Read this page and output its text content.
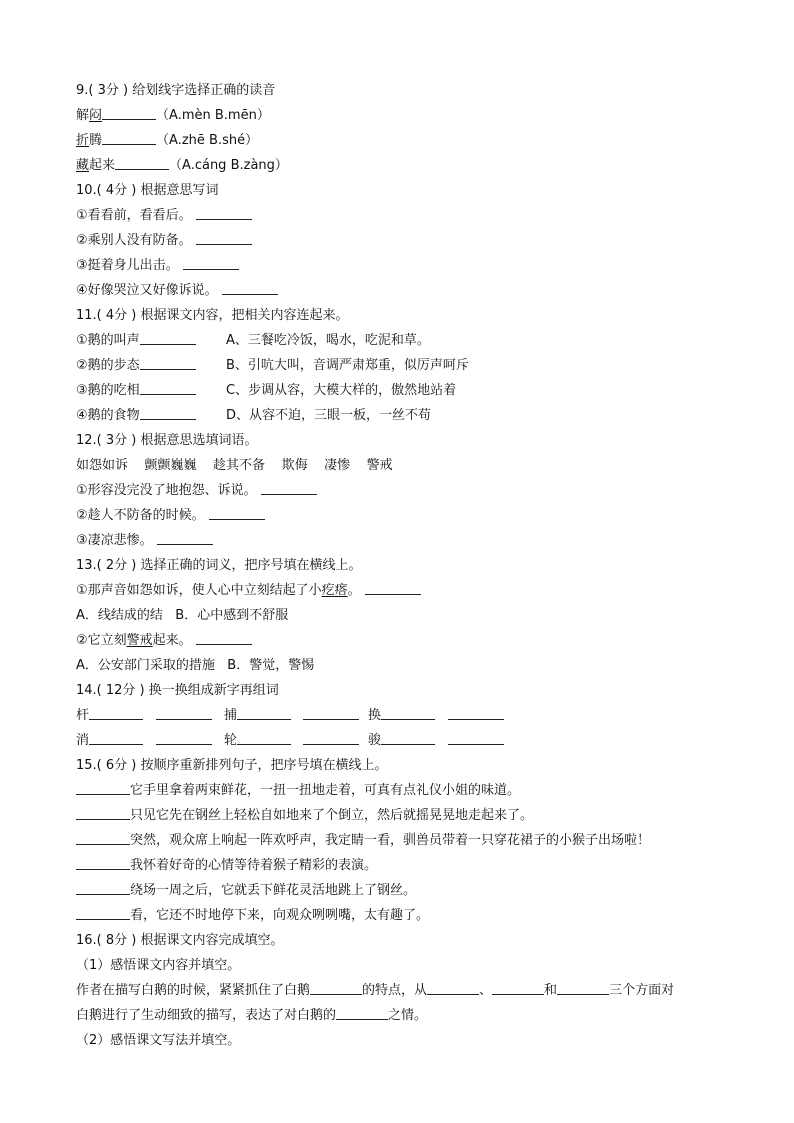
9.( 3分 ) 给划线字选择正确的读音
解闷	（A.mèn B.mēn）
折腾	（A.zhē B.shé）
藏起来	（A.cáng B.zàng）
10.( 4分 ) 根据意思写词
①看看前，看看后。
②乘别人没有防备。
③挺着身儿出击。
④好像哭泣又好像诉说。
11.( 4分 ) 根据课文内容，把相关内容连起来。
①鹅的叫声	A、三餐吃冷饭，喝水，吃泥和草。
②鹅的步态	B、引吭大叫，音调严肃郑重，似厉声呵斥
③鹅的吃相	C、步调从容，大模大样的，傲然地站着
④鹅的食物	D、从容不迫，三眼一板，一丝不苟
12.( 3分 ) 根据意思选填词语。
如怨如诉    颤颤巍巍    趁其不备    欺侮    凄惨    警戒
①形容没完没了地抱怨、诉说。
②趁人不防备的时候。
③凄凉悲惨。
13.( 2分 ) 选择正确的词义，把序号填在横线上。
①那声音如怨如诉，使人心中立刻结起了小疙瘩。
A．线结成的结   B．心中感到不舒服
②它立刻警戒起来。
A．公安部门采取的措施   B．警觉，警惕
14.( 12分 ) 换一换组成新字再组词
杆	捕	换
消	轮	骏
15.( 6分 ) 按顺序重新排列句子，把序号填在横线上。
它手里拿着两束鲜花，一扭一扭地走着，可真有点礼仪小姐的味道。
只见它先在钢丝上轻松自如地来了个倒立，然后就摇晃晃地走起来了。
突然，观众席上响起一阵欢呼声，我定睛一看，驯兽员带着一只穿花裙子的小猴子出场啦！
我怀着好奇的心情等待着猴子精彩的表演。
绕场一周之后，它就丢下鲜花灵活地跳上了钢丝。
看，它还不时地停下来，向观众咧咧嘴，太有趣了。
16.( 8分 ) 根据课文内容完成填空。
（1）感悟课文内容并填空。
作者在描写白鹅的时候，紧紧抓住了白鹅	的特点，从	、	和	三个方面对
白鹅进行了生动细致的描写，表达了对白鹅的	之情。
（2）感悟课文写法并填空。
